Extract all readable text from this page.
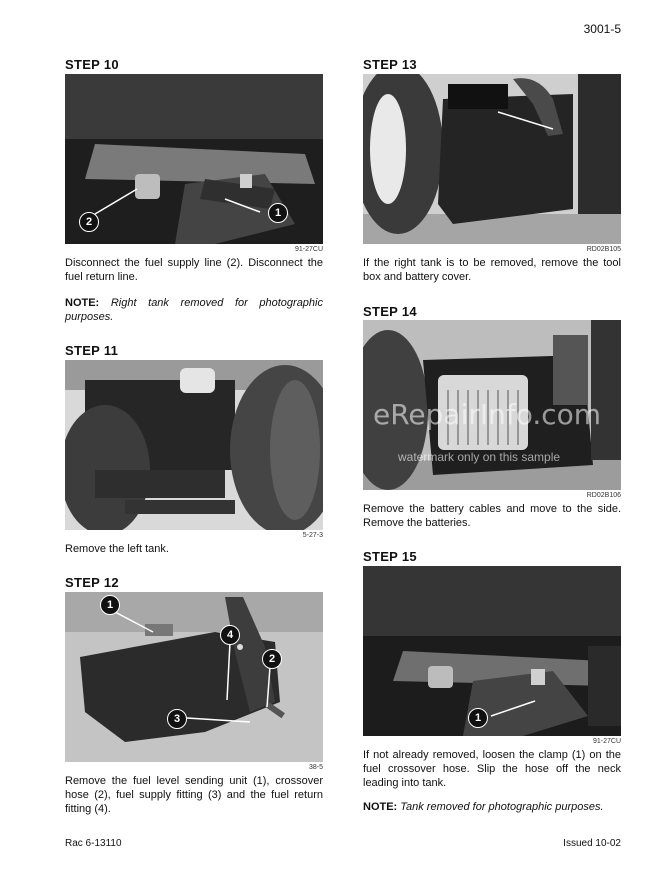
3001-5
STEP 10
2
1
91-27CU
Disconnect the fuel supply line (2). Disconnect the fuel return line.
NOTE: Right tank removed for photographic purposes.
STEP 11
5-27-3
Remove the left tank.
STEP 12
1
4
2
3
38-5
Remove the fuel level sending unit (1), crossover hose (2), fuel supply fitting (3) and the fuel return fitting (4).
STEP 13
RD02B105
If the right tank is to be removed, remove the tool box and battery cover.
STEP 14
eRepairInfo.com
watermark only on this sample
RD02B106
Remove the battery cables and move to the side. Remove the batteries.
STEP 15
1
91-27CU
If not already removed, loosen the clamp (1) on the fuel crossover hose. Slip the hose off the neck leading into tank.
NOTE: Tank removed for photographic purposes.
Rac 6-13110	Issued 10-02
